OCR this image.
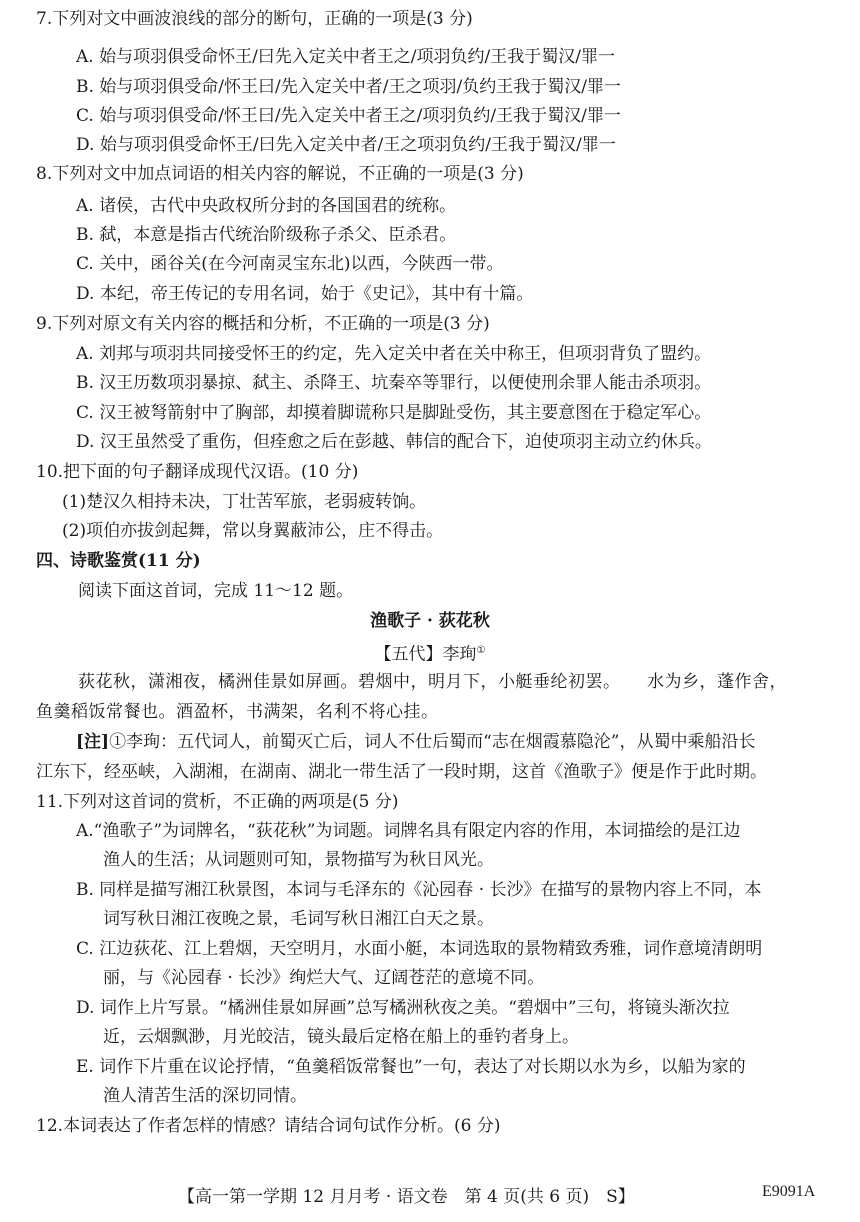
7.下列对文中画波浪线的部分的断句，正确的一项是(3 分)
A. 始与项羽俱受命怀王/曰先入定关中者王之/项羽负约/王我于蜀汉/罪一
B. 始与项羽俱受命/怀王曰/先入定关中者/王之项羽/负约王我于蜀汉/罪一
C. 始与项羽俱受命/怀王曰/先入定关中者王之/项羽负约/王我于蜀汉/罪一
D. 始与项羽俱受命怀王/曰先入定关中者/王之项羽负约/王我于蜀汉/罪一
8.下列对文中加点词语的相关内容的解说，不正确的一项是(3 分)
A. 诸侯，古代中央政权所分封的各国国君的统称。
B. 弑，本意是指古代统治阶级称子杀父、臣杀君。
C. 关中，函谷关(在今河南灵宝东北)以西，今陕西一带。
D. 本纪，帝王传记的专用名词，始于《史记》，其中有十篇。
9.下列对原文有关内容的概括和分析，不正确的一项是(3 分)
A. 刘邦与项羽共同接受怀王的约定，先入定关中者在关中称王，但项羽背负了盟约。
B. 汉王历数项羽暴掠、弑主、杀降王、坑秦卒等罪行，以便使刑余罪人能击杀项羽。
C. 汉王被弩箭射中了胸部，却摸着脚谎称只是脚趾受伤，其主要意图在于稳定军心。
D. 汉王虽然受了重伤，但痊愈之后在彭越、韩信的配合下，迫使项羽主动立约休兵。
10.把下面的句子翻译成现代汉语。(10 分)
(1)楚汉久相持未决，丁壮苦军旅，老弱疲转饷。
(2)项伯亦拔剑起舞，常以身翼蔽沛公，庄不得击。
四、诗歌鉴赏(11 分)
阅读下面这首词，完成 11～12 题。
渔歌子 · 荻花秋
【五代】李珣①
荻花秋，潇湘夜，橘洲佳景如屏画。碧烟中，明月下，小艇垂纶初罢。　　水为乡，蓬作舍，
鱼羹稻饭常餐也。酒盈杯，书满架，名利不将心挂。
[注]①李珣：五代词人，前蜀灭亡后，词人不仕后蜀而“志在烟霞慕隐沦”，从蜀中乘船沿长
江东下，经巫峡，入湖湘，在湖南、湖北一带生活了一段时期，这首《渔歌子》便是作于此时期。
11.下列对这首词的赏析，不正确的两项是(5 分)
A.“渔歌子”为词牌名，“荻花秋”为词题。词牌名具有限定内容的作用，本词描绘的是江边
渔人的生活；从词题则可知，景物描写为秋日风光。
B. 同样是描写湘江秋景图，本词与毛泽东的《沁园春 · 长沙》在描写的景物内容上不同，本
词写秋日湘江夜晚之景，毛词写秋日湘江白天之景。
C. 江边荻花、江上碧烟，天空明月，水面小艇，本词选取的景物精致秀雅，词作意境清朗明
丽，与《沁园春 · 长沙》绚烂大气、辽阔苍茫的意境不同。
D. 词作上片写景。“橘洲佳景如屏画”总写橘洲秋夜之美。“碧烟中”三句，将镜头渐次拉
近，云烟飘渺，月光皎洁，镜头最后定格在船上的垂钓者身上。
E. 词作下片重在议论抒情，“鱼羹稻饭常餐也”一句，表达了对长期以水为乡，以船为家的
渔人清苦生活的深切同情。
12.本词表达了作者怎样的情感？请结合词句试作分析。(6 分)
【高一第一学期 12 月月考 · 语文卷　第 4 页(共 6 页)　S】	E9091A
